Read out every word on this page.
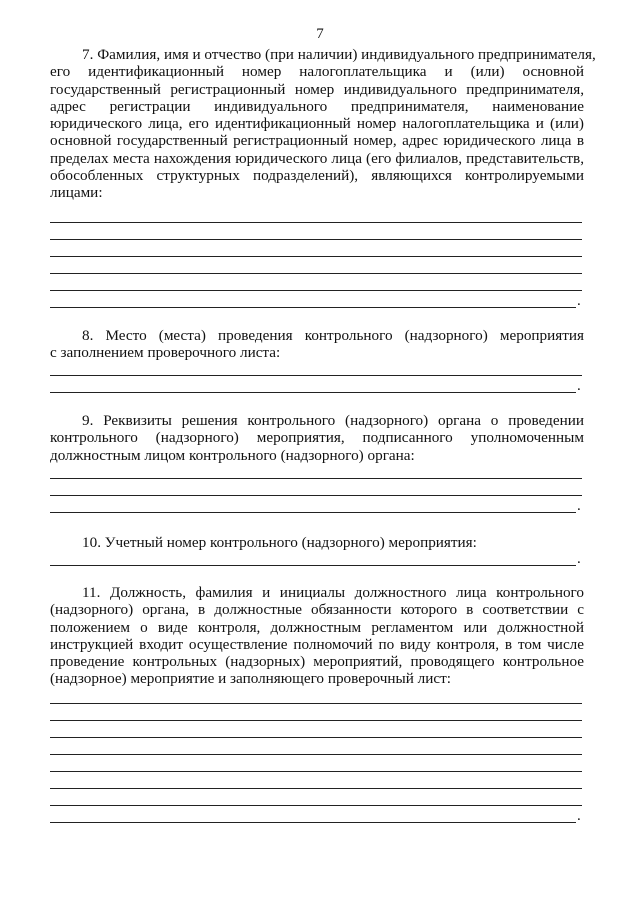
7
7. Фамилия, имя и отчество (при наличии) индивидуального предпринимателя,
его идентификационный номер налогоплательщика и (или) основной
государственный регистрационный номер индивидуального предпринимателя,
адрес регистрации индивидуального предпринимателя, наименование
юридического лица, его идентификационный номер налогоплательщика и (или)
основной государственный регистрационный номер, адрес юридического лица в
пределах места нахождения юридического лица (его филиалов, представительств,
обособленных структурных подразделений), являющихся контролируемыми
лицами:
.
8. Место (места) проведения контрольного (надзорного) мероприятия
с заполнением проверочного листа:
.
9. Реквизиты решения контрольного (надзорного) органа о проведении
контрольного (надзорного) мероприятия, подписанного уполномоченным
должностным лицом контрольного (надзорного) органа:
.
10. Учетный номер контрольного (надзорного) мероприятия:
.
11. Должность, фамилия и инициалы должностного лица контрольного
(надзорного) органа, в должностные обязанности которого в соответствии с
положением о виде контроля, должностным регламентом или должностной
инструкцией входит осуществление полномочий по виду контроля, в том числе
проведение контрольных (надзорных) мероприятий, проводящего контрольное
(надзорное) мероприятие и заполняющего проверочный лист:
.
